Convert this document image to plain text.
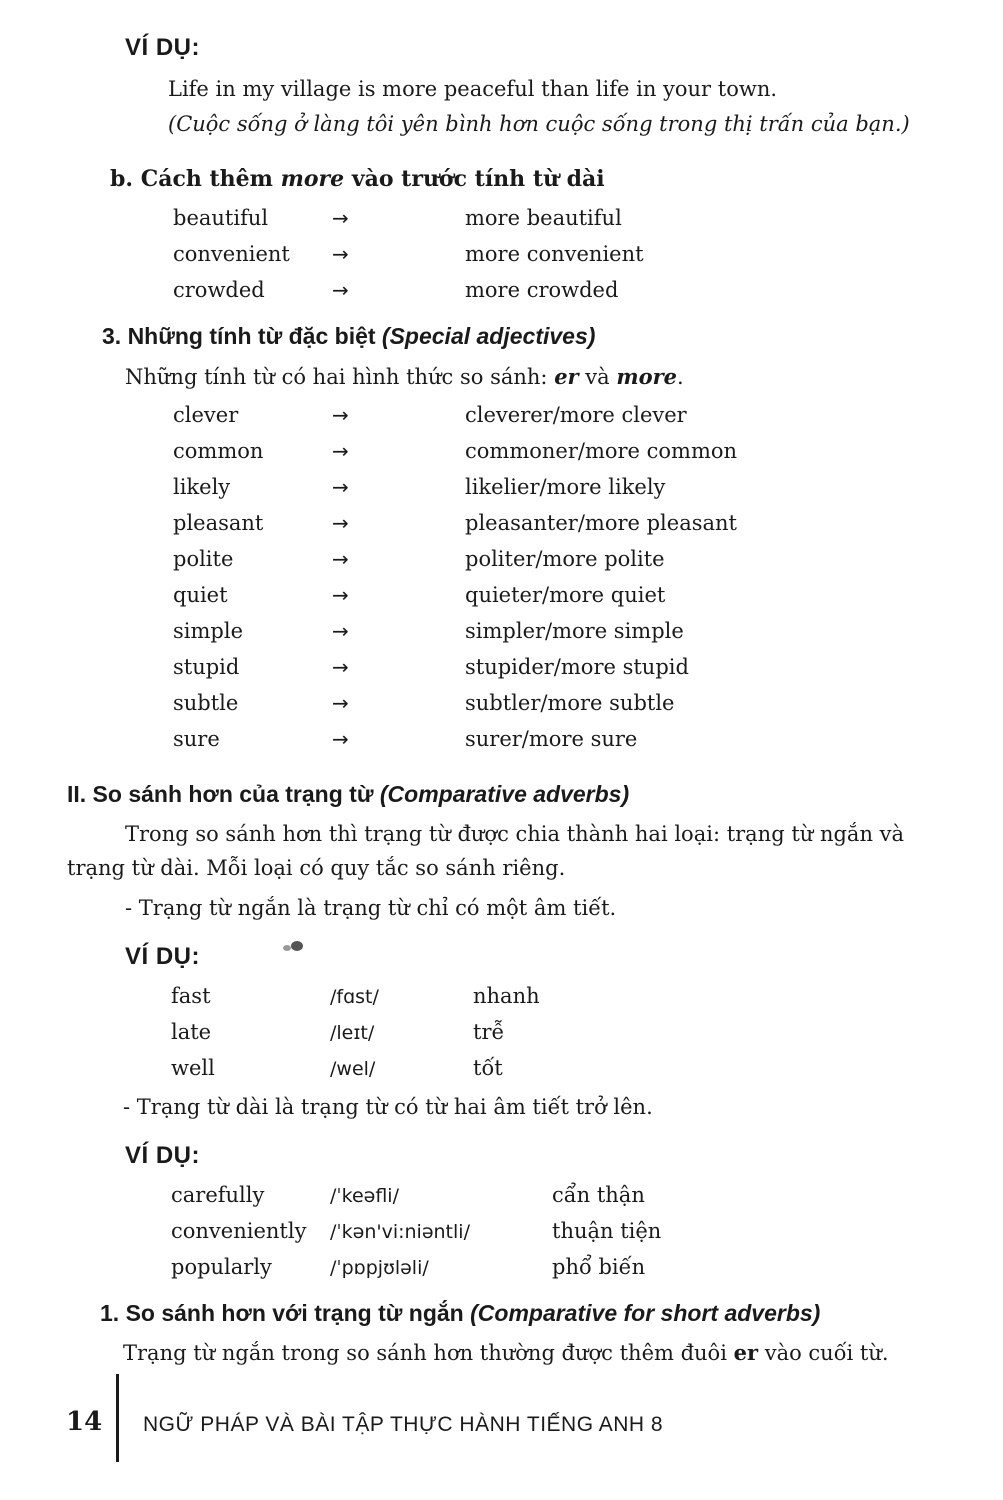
VÍ DỤ:
Life in my village is more peaceful than life in your town.
(Cuộc sống ở làng tôi yên bình hơn cuộc sống trong thị trấn của bạn.)
b. Cách thêm more vào trước tính từ dài
beautiful	→	more beautiful
convenient →	more convenient
crowded	→	more crowded
3. Những tính từ đặc biệt (Special adjectives)
Những tính từ có hai hình thức so sánh: er và more.
clever	→	cleverer/more clever
common	→	commoner/more common
likely	→	likelier/more likely
pleasant	→	pleasanter/more pleasant
polite	→	politer/more polite
quiet	→	quieter/more quiet
simple	→	simpler/more simple
stupid	→	stupider/more stupid
subtle	→	subtler/more subtle
sure	→	surer/more sure
II. So sánh hơn của trạng từ (Comparative adverbs)
Trong so sánh hơn thì trạng từ được chia thành hai loại: trạng từ ngắn và
trạng từ dài. Mỗi loại có quy tắc so sánh riêng.
- Trạng từ ngắn là trạng từ chỉ có một âm tiết.
VÍ DỤ:
fast	/fɑst/	nhanh
late	/leɪt/	trễ
well	/wel/	tốt
- Trạng từ dài là trạng từ có từ hai âm tiết trở lên.
VÍ DỤ:
carefully	/ˈkeəfli/	cẩn thận
conveniently /ˈkən'vi:niəntli/	thuận tiện
popularly	/ˈpɒpjʊləli/	phổ biến
1. So sánh hơn với trạng từ ngắn (Comparative for short adverbs)
Trạng từ ngắn trong so sánh hơn thường được thêm đuôi er vào cuối từ.
14 NGỮ PHÁP VÀ BÀI TẬP THỰC HÀNH TIẾNG ANH 8
